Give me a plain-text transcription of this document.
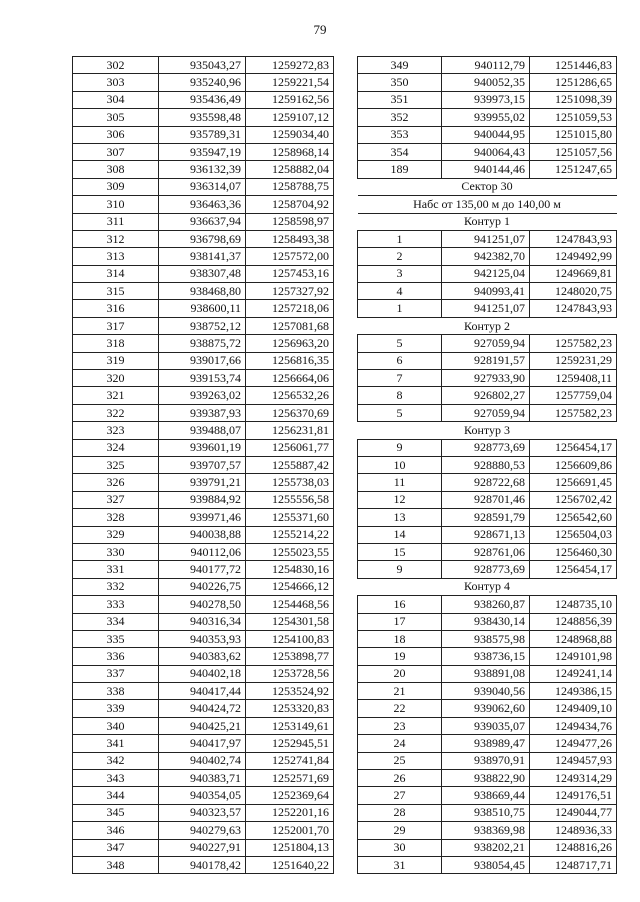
79
302	935043,27	1259272,83
303	935240,96	1259221,54
304	935436,49	1259162,56
305	935598,48	1259107,12
306	935789,31	1259034,40
307	935947,19	1258968,14
308	936132,39	1258882,04
309	936314,07	1258788,75
310	936463,36	1258704,92
311	936637,94	1258598,97
312	936798,69	1258493,38
313	938141,37	1257572,00
314	938307,48	1257453,16
315	938468,80	1257327,92
316	938600,11	1257218,06
317	938752,12	1257081,68
318	938875,72	1256963,20
319	939017,66	1256816,35
320	939153,74	1256664,06
321	939263,02	1256532,26
322	939387,93	1256370,69
323	939488,07	1256231,81
324	939601,19	1256061,77
325	939707,57	1255887,42
326	939791,21	1255738,03
327	939884,92	1255556,58
328	939971,46	1255371,60
329	940038,88	1255214,22
330	940112,06	1255023,55
331	940177,72	1254830,16
332	940226,75	1254666,12
333	940278,50	1254468,56
334	940316,34	1254301,58
335	940353,93	1254100,83
336	940383,62	1253898,77
337	940402,18	1253728,56
338	940417,44	1253524,92
339	940424,72	1253320,83
340	940425,21	1253149,61
341	940417,97	1252945,51
342	940402,74	1252741,84
343	940383,71	1252571,69
344	940354,05	1252369,64
345	940323,57	1252201,16
346	940279,63	1252001,70
347	940227,91	1251804,13
348	940178,42	1251640,22
349	940112,79	1251446,83
350	940052,35	1251286,65
351	939973,15	1251098,39
352	939955,02	1251059,53
353	940044,95	1251015,80
354	940064,43	1251057,56
189	940144,46	1251247,65
Сектор 30		
Набс от 135,00 м до 140,00 м		
Контур 1		
1	941251,07	1247843,93
2	942382,70	1249492,99
3	942125,04	1249669,81
4	940993,41	1248020,75
1	941251,07	1247843,93
Контур 2		
5	927059,94	1257582,23
6	928191,57	1259231,29
7	927933,90	1259408,11
8	926802,27	1257759,04
5	927059,94	1257582,23
Контур 3		
9	928773,69	1256454,17
10	928880,53	1256609,86
11	928722,68	1256691,45
12	928701,46	1256702,42
13	928591,79	1256542,60
14	928671,13	1256504,03
15	928761,06	1256460,30
9	928773,69	1256454,17
Контур 4		
16	938260,87	1248735,10
17	938430,14	1248856,39
18	938575,98	1248968,88
19	938736,15	1249101,98
20	938891,08	1249241,14
21	939040,56	1249386,15
22	939062,60	1249409,10
23	939035,07	1249434,76
24	938989,47	1249477,26
25	938970,91	1249457,93
26	938822,90	1249314,29
27	938669,44	1249176,51
28	938510,75	1249044,77
29	938369,98	1248936,33
30	938202,21	1248816,26
31	938054,45	1248717,71
